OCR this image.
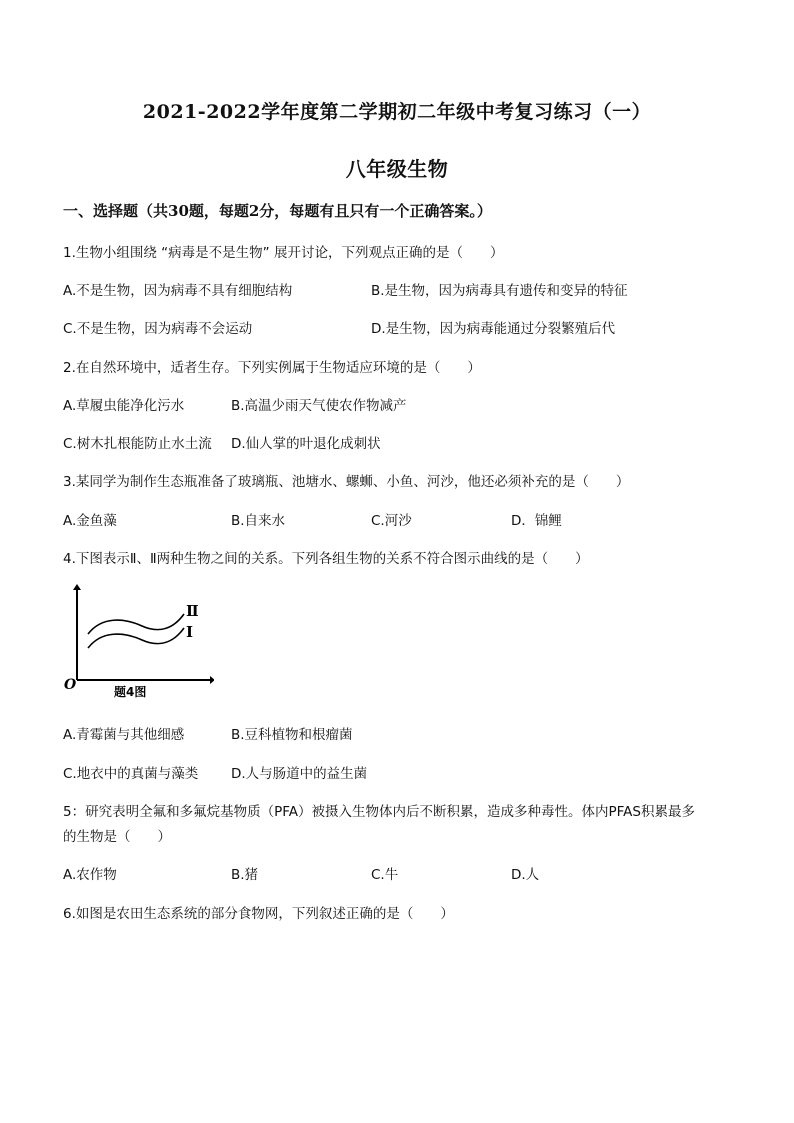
2021-2022学年度第二学期初二年级中考复习练习（一）
八年级生物
一、选择题（共30题，每题2分，每题有且只有一个正确答案。）
1.生物小组围绕 “病毒是不是生物” 展开讨论，下列观点正确的是（　　）
A.不是生物，因为病毒不具有细胞结构	B.是生物，因为病毒具有遗传和变异的特征
C.不是生物，因为病毒不会运动	D.是生物，因为病毒能通过分裂繁殖后代
2.在自然环境中，适者生存。下列实例属于生物适应环境的是（　　）
A.草履虫能净化污水	B.高温少雨天气使农作物减产
C.树木扎根能防止水土流 D.仙人掌的叶退化成刺状
3.某同学为制作生态瓶准备了玻璃瓶、池塘水、螺蛳、小鱼、河沙，他还必须补充的是（　　）
A.金鱼藻	B.自来水	C.河沙	D．锦鲤
4.下图表示Ⅱ、Ⅱ两种生物之间的关系。下列各组生物的关系不符合图示曲线的是（　　）
Ⅱ
Ⅰ
O	题4图
A.青霉菌与其他细感	B.豆科植物和根瘤菌
C.地衣中的真菌与藻类 D.人与肠道中的益生菌
5：研究表明全氟和多氟烷基物质（PFA）被摄入生物体内后不断积累，造成多种毒性。体内PFAS积累最多
的生物是（　　）
A.农作物	B.猪	C.牛	D.人
6.如图是农田生态系统的部分食物网，下列叙述正确的是（　　）
